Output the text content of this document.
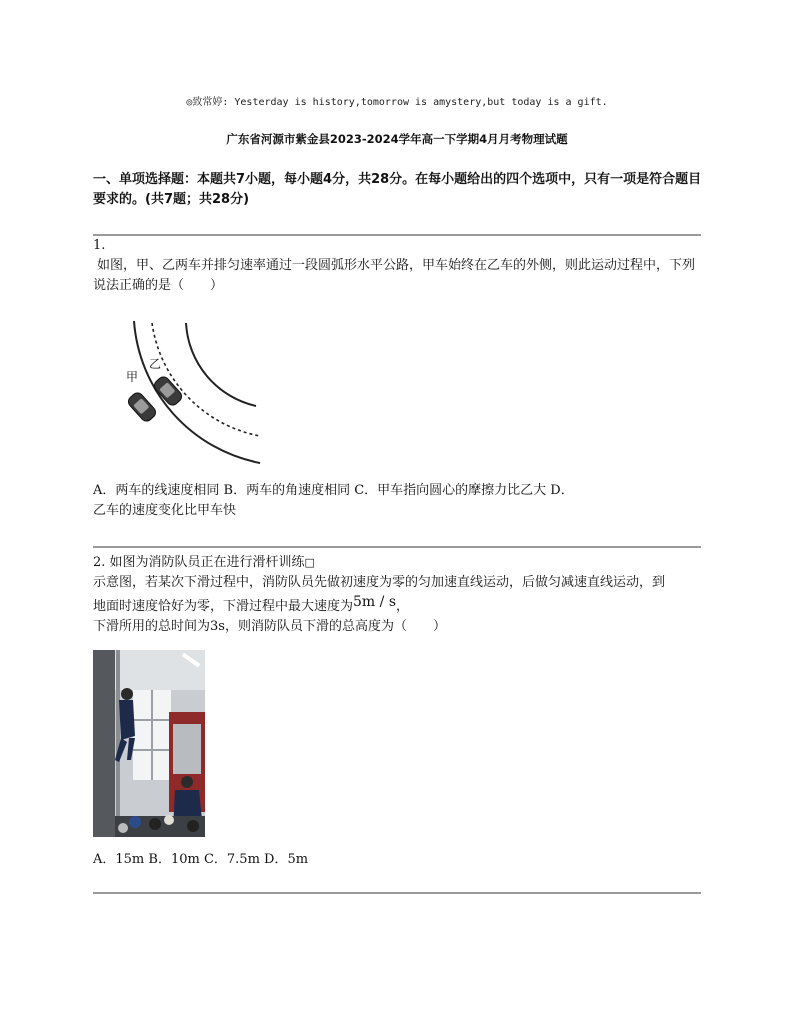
◎致常婷: Yesterday is history,tomorrow is amystery,but today is a gift.
广东省河源市紫金县2023-2024学年高一下学期4月月考物理试题
一、单项选择题：本题共7小题，每小题4分，共28分。在每小题给出的四个选项中，只有一项是符合题目要求的。(共7题；共28分)
1.
如图，甲、乙两车并排匀速率通过一段圆弧形水平公路，甲车始终在乙车的外侧，则此运动过程中，下列说法正确的是（　　）
甲
乙
A．两车的线速度相同 B．两车的角速度相同 C．甲车指向圆心的摩擦力比乙大 D．
乙车的速度变化比甲车快
2. 如图为消防队员正在进行滑杆训练□
示意图，若某次下滑过程中，消防队员先做初速度为零的匀加速直线运动，后做匀减速直线运动，到
地面时速度恰好为零，下滑过程中最大速度为5m / s，
下滑所用的总时间为3s，则消防队员下滑的总高度为（　　）
A．15m B．10m C．7.5m D．5m
